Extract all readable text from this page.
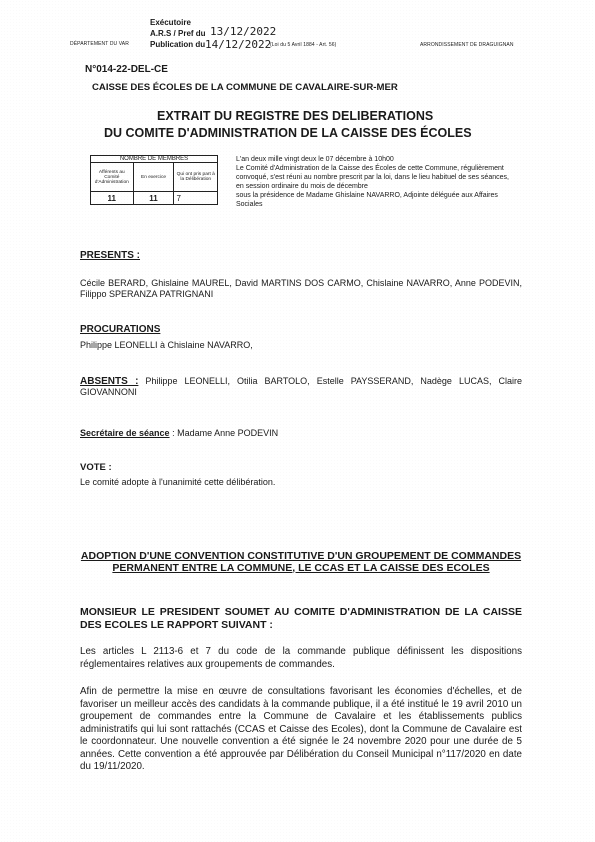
DÉPARTEMENT DU VAR
Exécutoire
A.R.S / Pref du 13/12/2022
Publication du 14/12/2022
(Loi du 5 Avril 1884 - Art. 56)	ARRONDISSEMENT DE DRAGUIGNAN
N°014-22-DEL-CE
CAISSE DES ÉCOLES DE LA COMMUNE DE CAVALAIRE-SUR-MER
EXTRAIT DU REGISTRE DES DELIBERATIONS
DU COMITE D'ADMINISTRATION DE LA CAISSE DES ÉCOLES
NOMBRE DE MEMBRES		
Afférents au Comité d'Administration	En exercice	Qui ont pris part à la Délibération
11	11	7

L'an deux mille vingt deux le 07 décembre à 10h00

Le Comité d'Administration de la Caisse des Écoles de cette Commune, régulièrement convoqué, s'est réuni au nombre prescrit par la loi, dans le lieu habituel de ses séances,

en session ordinaire du mois de décembre

sous la présidence de Madame Ghislaine NAVARRO, Adjointe déléguée aux Affaires Sociales

PRESENTS :

Cécile BERARD, Ghislaine MAUREL, David MARTINS DOS CARMO, Chislaine NAVARRO, Anne PODEVIN, Filippo SPERANZA PATRIGNANI

PROCURATIONS

Philippe LEONELLI à Chislaine NAVARRO,

ABSENTS : Philippe LEONELLI, Otilia BARTOLO, Estelle PAYSSERAND, Nadège LUCAS, Claire GIOVANNONI
Secrétaire de séance : Madame Anne PODEVIN
VOTE :

Le comité adopte à l'unanimité cette délibération.

ADOPTION D'UNE CONVENTION CONSTITUTIVE D'UN GROUPEMENT DE COMMANDES PERMANENT ENTRE LA COMMUNE, LE CCAS ET LA CAISSE DES ECOLES

MONSIEUR LE PRESIDENT SOUMET AU COMITE D'ADMINISTRATION DE LA CAISSE DES ECOLES LE RAPPORT SUIVANT :

Les articles L 2113-6 et 7 du code de la commande publique définissent les dispositions réglementaires relatives aux groupements de commandes.

Afin de permettre la mise en œuvre de consultations favorisant les économies d'échelles, et de favoriser un meilleur accès des candidats à la commande publique, il a été institué le 19 avril 2010 un groupement de commandes entre la Commune de Cavalaire et les établissements publics administratifs qui lui sont rattachés (CCAS et Caisse des Ecoles), dont la Commune de Cavalaire est le coordonnateur. Une nouvelle convention a été signée le 24 novembre 2020 pour une durée de 5 années. Cette convention a été approuvée par Délibération du Conseil Municipal n°117/2020 en date du 19/11/2020.
